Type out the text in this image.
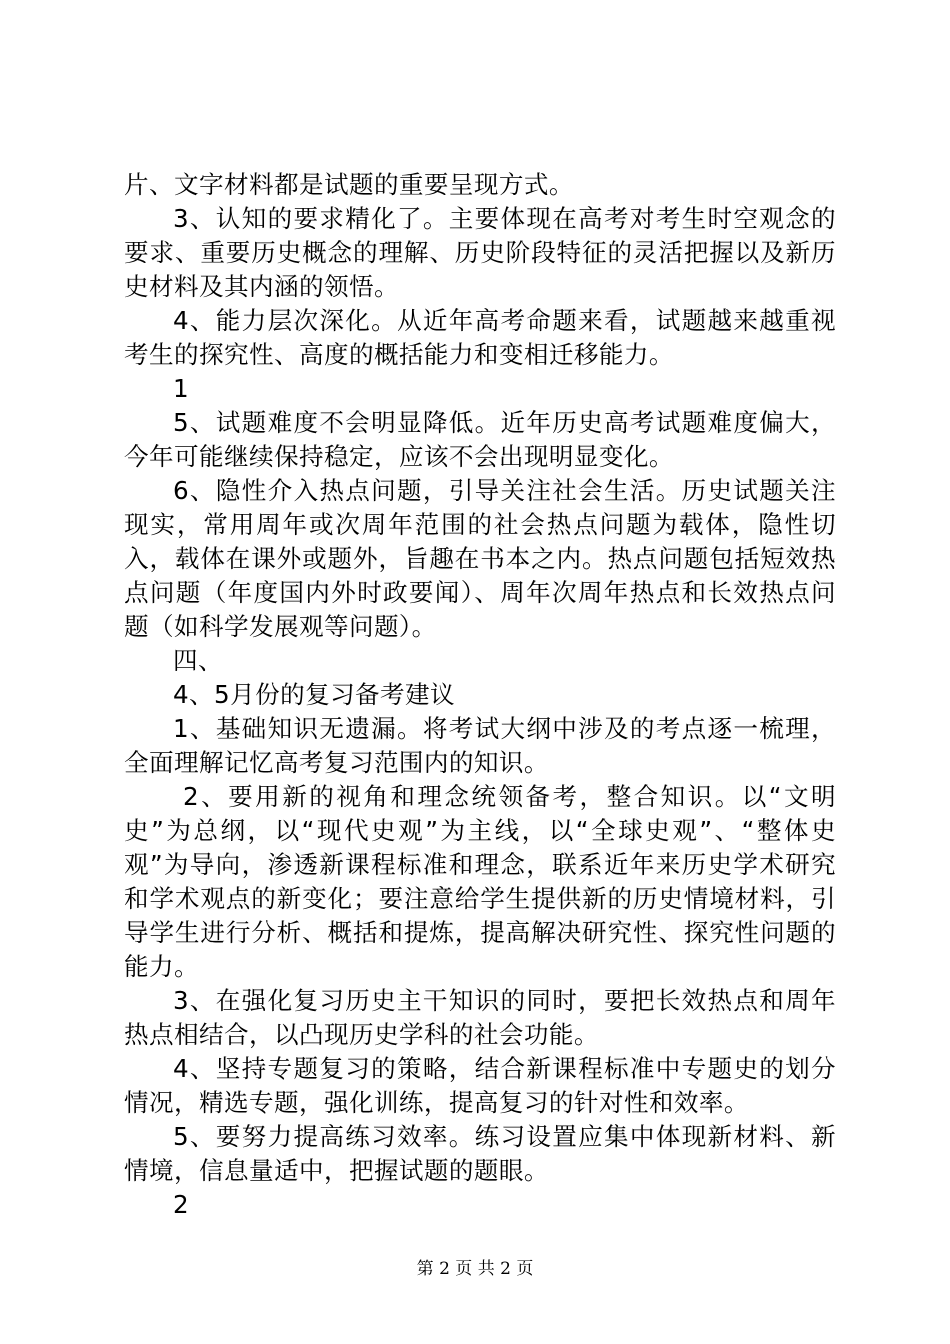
片、文字材料都是试题的重要呈现方式。

3、认知的要求精化了。主要体现在高考对考生时空观念的要求、重要历史概念的理解、历史阶段特征的灵活把握以及新历史材料及其内涵的领悟。

4、能力层次深化。从近年高考命题来看，试题越来越重视考生的探究性、高度的概括能力和变相迁移能力。

1

5、试题难度不会明显降低。近年历史高考试题难度偏大，今年可能继续保持稳定，应该不会出现明显变化。

6、隐性介入热点问题，引导关注社会生活。历史试题关注现实，常用周年或次周年范围的社会热点问题为载体，隐性切入，载体在课外或题外，旨趣在书本之内。热点问题包括短效热点问题（年度国内外时政要闻）、周年次周年热点和长效热点问题（如科学发展观等问题）。

四、

4、5月份的复习备考建议

1、基础知识无遗漏。将考试大纲中涉及的考点逐一梳理，全面理解记忆高考复习范围内的知识。

2、要用新的视角和理念统领备考，整合知识。以“文明史”为总纲，以“现代史观”为主线，以“全球史观”、“整体史观”为导向，渗透新课程标准和理念，联系近年来历史学术研究和学术观点的新变化；要注意给学生提供新的历史情境材料，引导学生进行分析、概括和提炼，提高解决研究性、探究性问题的能力。

3、在强化复习历史主干知识的同时，要把长效热点和周年热点相结合，以凸现历史学科的社会功能。

4、坚持专题复习的策略，结合新课程标准中专题史的划分情况，精选专题，强化训练，提高复习的针对性和效率。

5、要努力提高练习效率。练习设置应集中体现新材料、新情境，信息量适中，把握试题的题眼。

2

第 2 页 共 2 页
